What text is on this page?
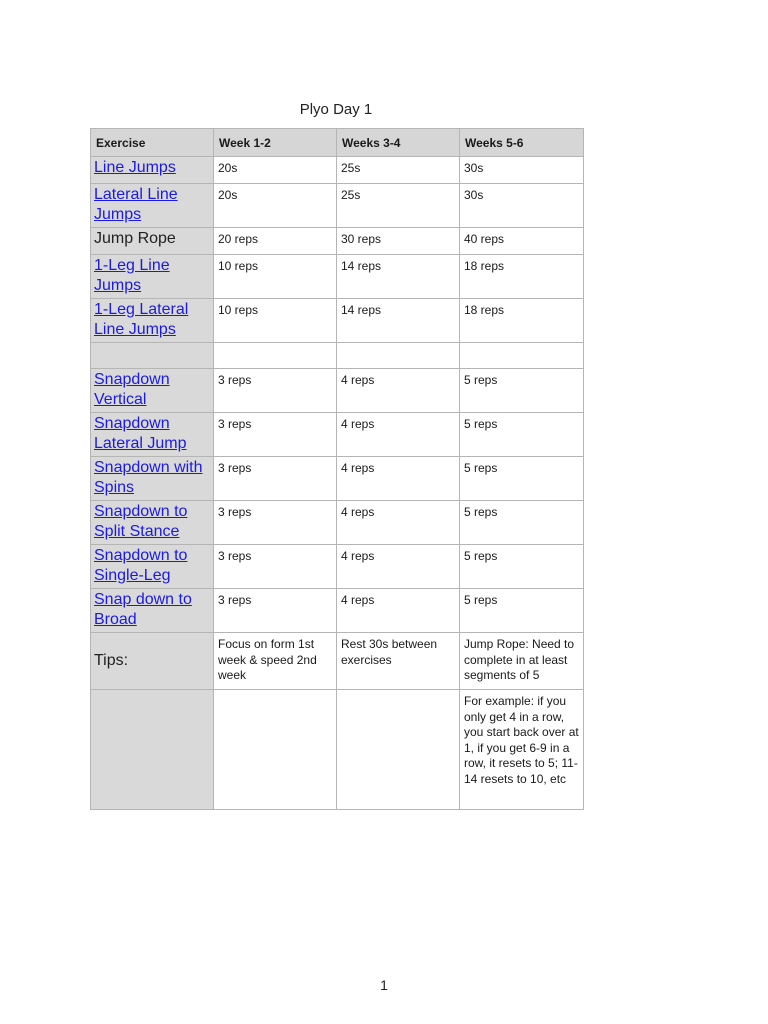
Plyo Day 1
Exercise	Week 1-2	Weeks 3-4	Weeks 5-6
Line Jumps	20s	25s	30s
Lateral Line Jumps	20s	25s	30s
Jump Rope	20 reps	30 reps	40 reps
1-Leg Line Jumps	10 reps	14 reps	18 reps
1-Leg Lateral Line Jumps	10 reps	14 reps	18 reps

Snapdown Vertical	3 reps	4 reps	5 reps
Snapdown Lateral Jump	3 reps	4 reps	5 reps
Snapdown with Spins	3 reps	4 reps	5 reps
Snapdown to Split Stance	3 reps	4 reps	5 reps
Snapdown to Single-Leg	3 reps	4 reps	5 reps
Snap down to Broad	3 reps	4 reps	5 reps
Tips:	Focus on form 1st week & speed 2nd week	Rest 30s between exercises	Jump Rope: Need to complete in at least segments of 5
			For example: if you only get 4 in a row, you start back over at 1, if you get 6-9 in a row, it resets to 5; 11-14 resets to 10, etc
1
